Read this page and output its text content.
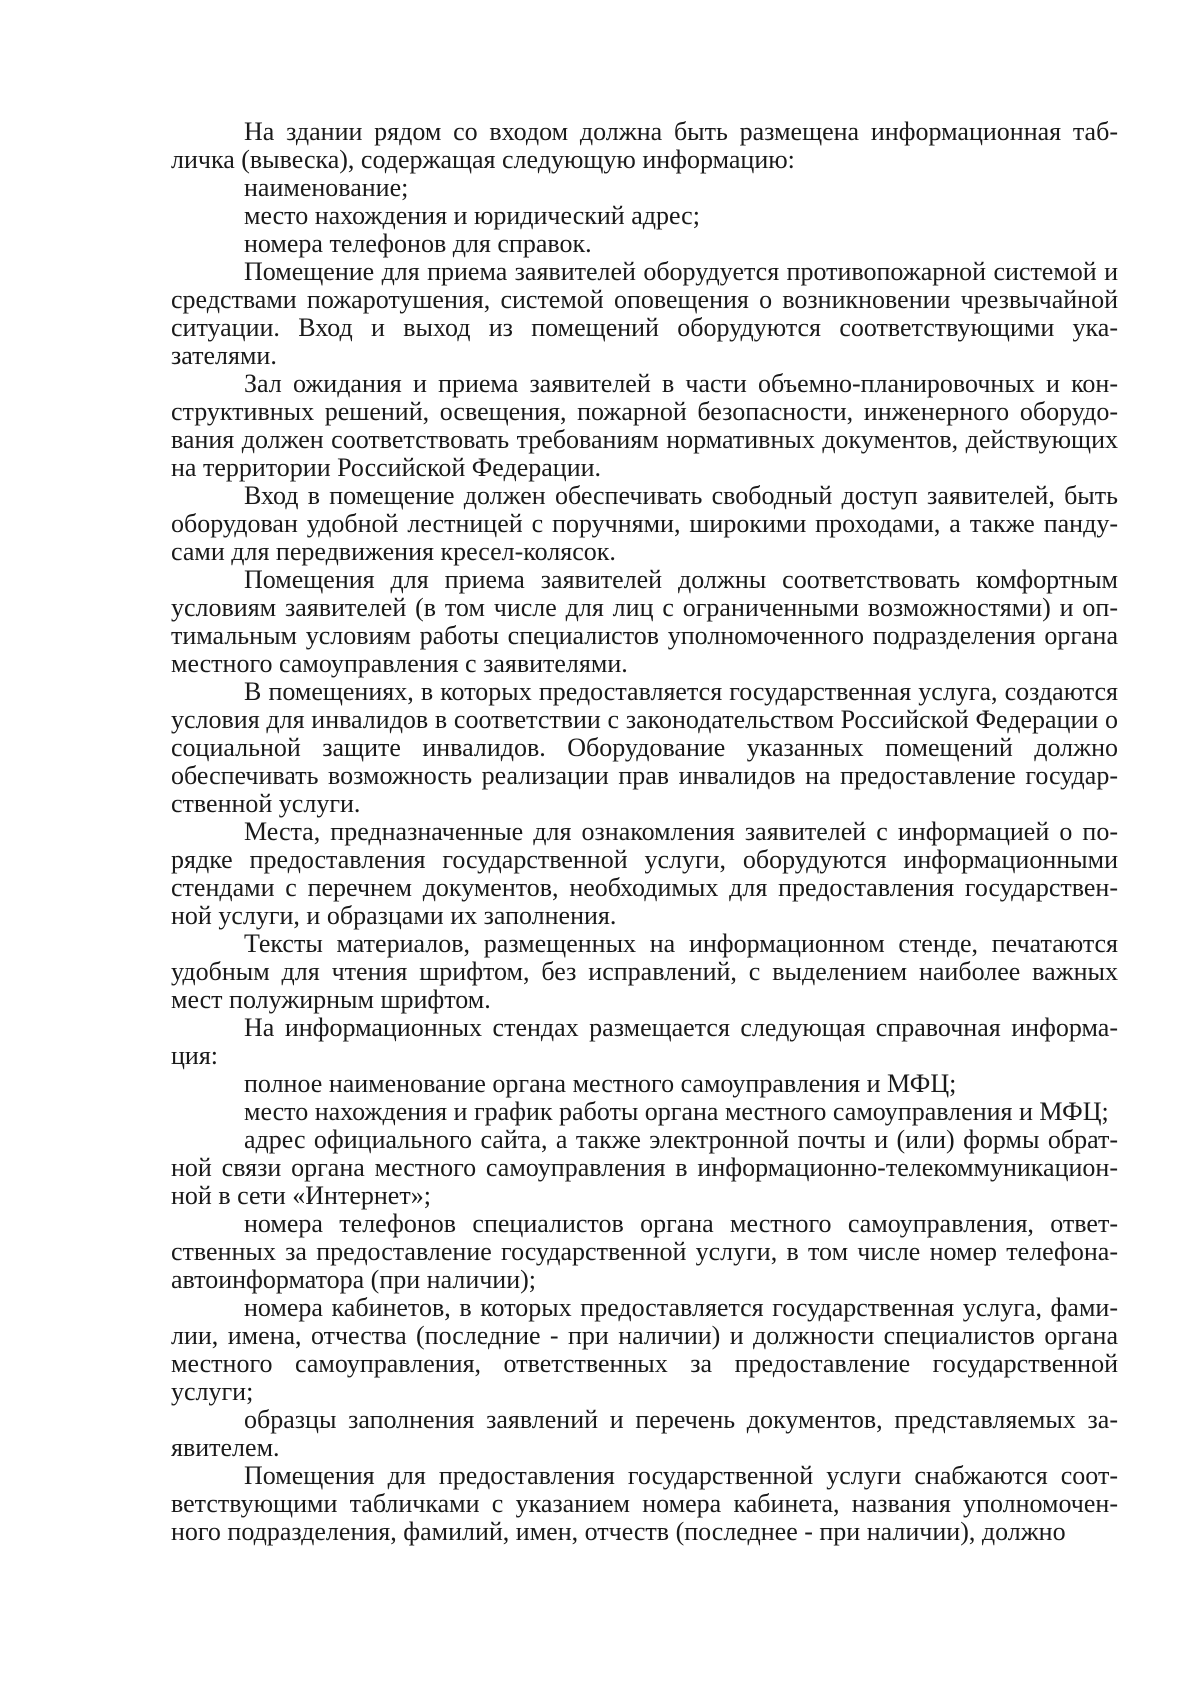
На здании рядом со входом должна быть размещена информационная табличка (вывеска), содержащая следующую информацию:

наименование;

место нахождения и юридический адрес;

номера телефонов для справок.

Помещение для приема заявителей оборудуется противопожарной системой и средствами пожаротушения, системой оповещения о возникновении чрезвычайной ситуации. Вход и выход из помещений оборудуются соответствующими указателями.

Зал ожидания и приема заявителей в части объемно-планировочных и конструктивных решений, освещения, пожарной безопасности, инженерного оборудования должен соответствовать требованиям нормативных документов, действующих на территории Российской Федерации.

Вход в помещение должен обеспечивать свободный доступ заявителей, быть оборудован удобной лестницей с поручнями, широкими проходами, а также пандусами для передвижения кресел-колясок.

Помещения для приема заявителей должны соответствовать комфортным условиям заявителей (в том числе для лиц с ограниченными возможностями) и оптимальным условиям работы специалистов уполномоченного подразделения органа местного самоуправления с заявителями.

В помещениях, в которых предоставляется государственная услуга, создаются условия для инвалидов в соответствии с законодательством Российской Федерации о социальной защите инвалидов. Оборудование указанных помещений должно обеспечивать возможность реализации прав инвалидов на предоставление государственной услуги.

Места, предназначенные для ознакомления заявителей с информацией о порядке предоставления государственной услуги, оборудуются информационными стендами с перечнем документов, необходимых для предоставления государственной услуги, и образцами их заполнения.

Тексты материалов, размещенных на информационном стенде, печатаются удобным для чтения шрифтом, без исправлений, с выделением наиболее важных мест полужирным шрифтом.

На информационных стендах размещается следующая справочная информация:

полное наименование органа местного самоуправления и МФЦ;

место нахождения и график работы органа местного самоуправления и МФЦ;

адрес официального сайта, а также электронной почты и (или) формы обратной связи органа местного самоуправления в информационно-телекоммуникационной в сети «Интернет»;

номера телефонов специалистов органа местного самоуправления, ответственных за предоставление государственной услуги, в том числе номер телефона-автоинформатора (при наличии);

номера кабинетов, в которых предоставляется государственная услуга, фамилии, имена, отчества (последние - при наличии) и должности специалистов органа местного самоуправления, ответственных за предоставление государственной услуги;

образцы заполнения заявлений и перечень документов, представляемых заявителем.

Помещения для предоставления государственной услуги снабжаются соответствующими табличками с указанием номера кабинета, названия уполномоченного подразделения, фамилий, имен, отчеств (последнее - при наличии), должно
